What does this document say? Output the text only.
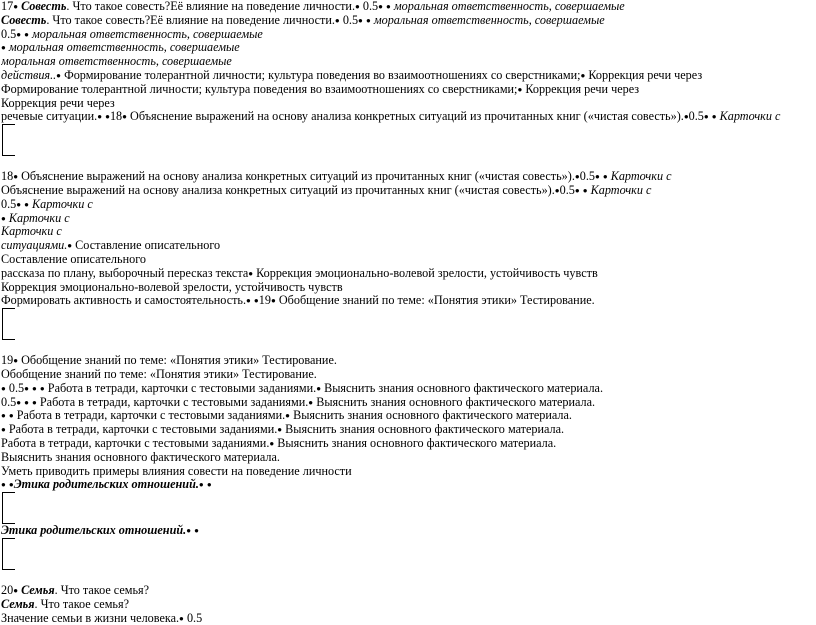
17● Совесть. Что такое совесть?Её влияние на поведение личности.● 0.5● ● моральная ответственность, совершаемые
Совесть. Что такое совесть?Её влияние на поведение личности.● 0.5● ● моральная ответственность, совершаемые
0.5● ● моральная ответственность, совершаемые
● моральная ответственность, совершаемые
моральная ответственность, совершаемые
действия..● Формирование толерантной личности; культура поведения во взаимоотношениях со сверстниками;● Коррекция речи через
Формирование толерантной личности; культура поведения во взаимоотношениях со сверстниками;● Коррекция речи через
Коррекция речи через
речевые ситуации.● ●18● Объяснение выражений на основу анализа конкретных ситуаций из прочитанных книг («чистая совесть»).●0.5● ● Карточки с
18● Объяснение выражений на основу анализа конкретных ситуаций из прочитанных книг («чистая совесть»).●0.5● ● Карточки с
Объяснение выражений на основу анализа конкретных ситуаций из прочитанных книг («чистая совесть»).●0.5● ● Карточки с
0.5● ● Карточки с
● Карточки с
Карточки с
ситуациями.● Составление описательного
Составление описательного
рассказа по плану, выборочный пересказ текста● Коррекция эмоционально-волевой зрелости, устойчивость чувств
Коррекция эмоционально-волевой зрелости, устойчивость чувств
Формировать активность и самостоятельность.● ●19● Обобщение знаний по теме: «Понятия этики» Тестирование.
19● Обобщение знаний по теме: «Понятия этики» Тестирование.
Обобщение знаний по теме: «Понятия этики» Тестирование.
● 0.5● ● ● Работа в тетради, карточки с тестовыми заданиями.● Выяснить знания основного фактического материала.
0.5● ● ● Работа в тетради, карточки с тестовыми заданиями.● Выяснить знания основного фактического материала.
● ● Работа в тетради, карточки с тестовыми заданиями.● Выяснить знания основного фактического материала.
● Работа в тетради, карточки с тестовыми заданиями.● Выяснить знания основного фактического материала.
Работа в тетради, карточки с тестовыми заданиями.● Выяснить знания основного фактического материала.
Выяснить знания основного фактического материала.
Уметь приводить примеры влияния совести на поведение личности
● ●Этика родительских отношений.● ●
Этика родительских отношений.● ●
20● Семья. Что такое семья?
Семья. Что такое семья?
Значение семьи в жизни человека.● 0.5
